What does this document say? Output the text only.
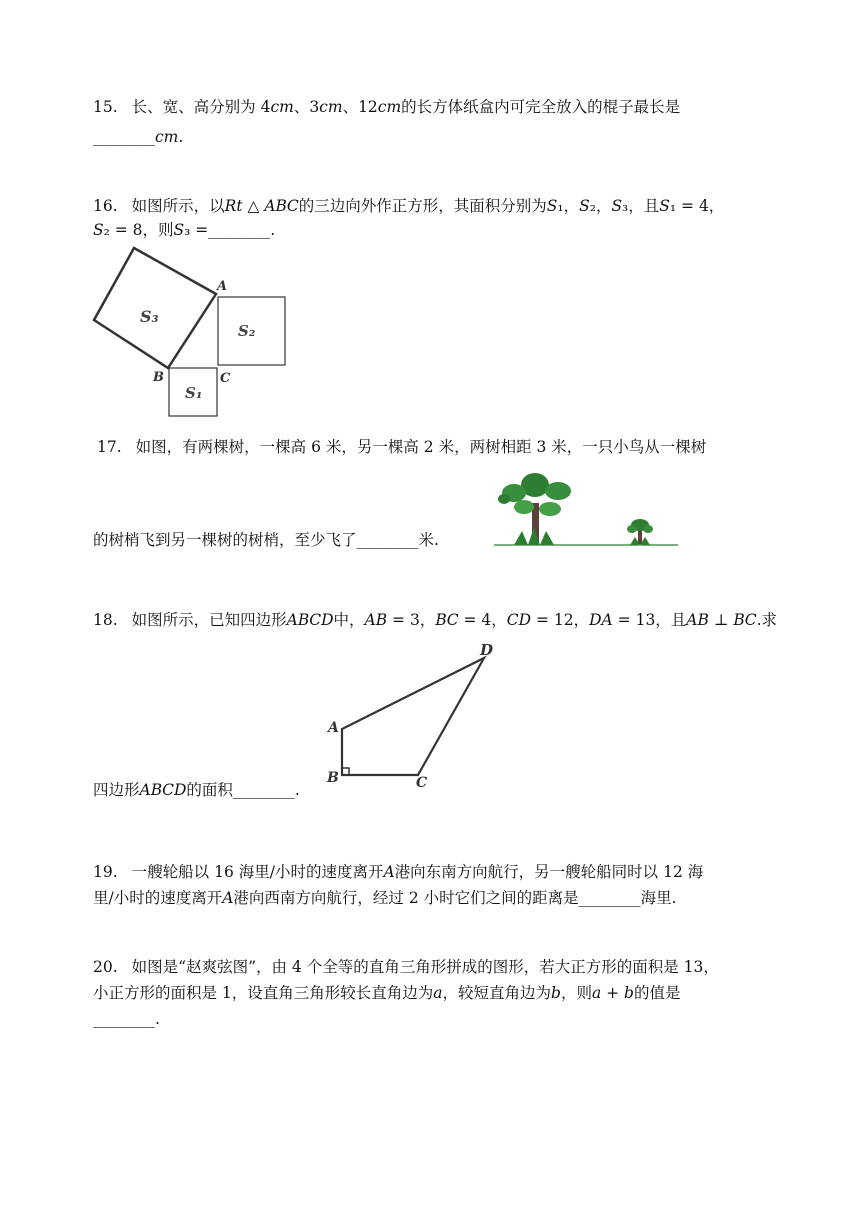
15. 长、宽、高分别为 4𝑐𝑚、3𝑐𝑚、12𝑐𝑚的长方体纸盒内可完全放入的棍子最长是
________𝑐𝑚.
16. 如图所示，以𝑅𝑡 △ 𝐴𝐵𝐶的三边向外作正方形，其面积分别为𝑆₁，𝑆₂，𝑆₃，且𝑆₁ = 4，
𝑆₂ = 8，则𝑆₃ =________.
S₃
S₂
S₁
A
B	C
17. 如图，有两棵树，一棵高 6 米，另一棵高 2 米，两树相距 3 米，一只小鸟从一棵树
的树梢飞到另一棵树的树梢，至少飞了________米.
18. 如图所示，已知四边形𝐴𝐵𝐶𝐷中，𝐴𝐵 = 3，𝐵𝐶 = 4，𝐶𝐷 = 12，𝐷𝐴 = 13，且𝐴𝐵 ⊥ 𝐵𝐶.求
四边形𝐴𝐵𝐶𝐷的面积________.
A
B	C
D
19. 一艘轮船以 16 海里/小时的速度离开𝐴港向东南方向航行，另一艘轮船同时以 12 海
里/小时的速度离开𝐴港向西南方向航行，经过 2 小时它们之间的距离是________海里.
20. 如图是“赵爽弦图”，由 4 个全等的直角三角形拼成的图形，若大正方形的面积是 13，
小正方形的面积是 1，设直角三角形较长直角边为𝑎，较短直角边为𝑏，则𝑎 + 𝑏的值是
________.
